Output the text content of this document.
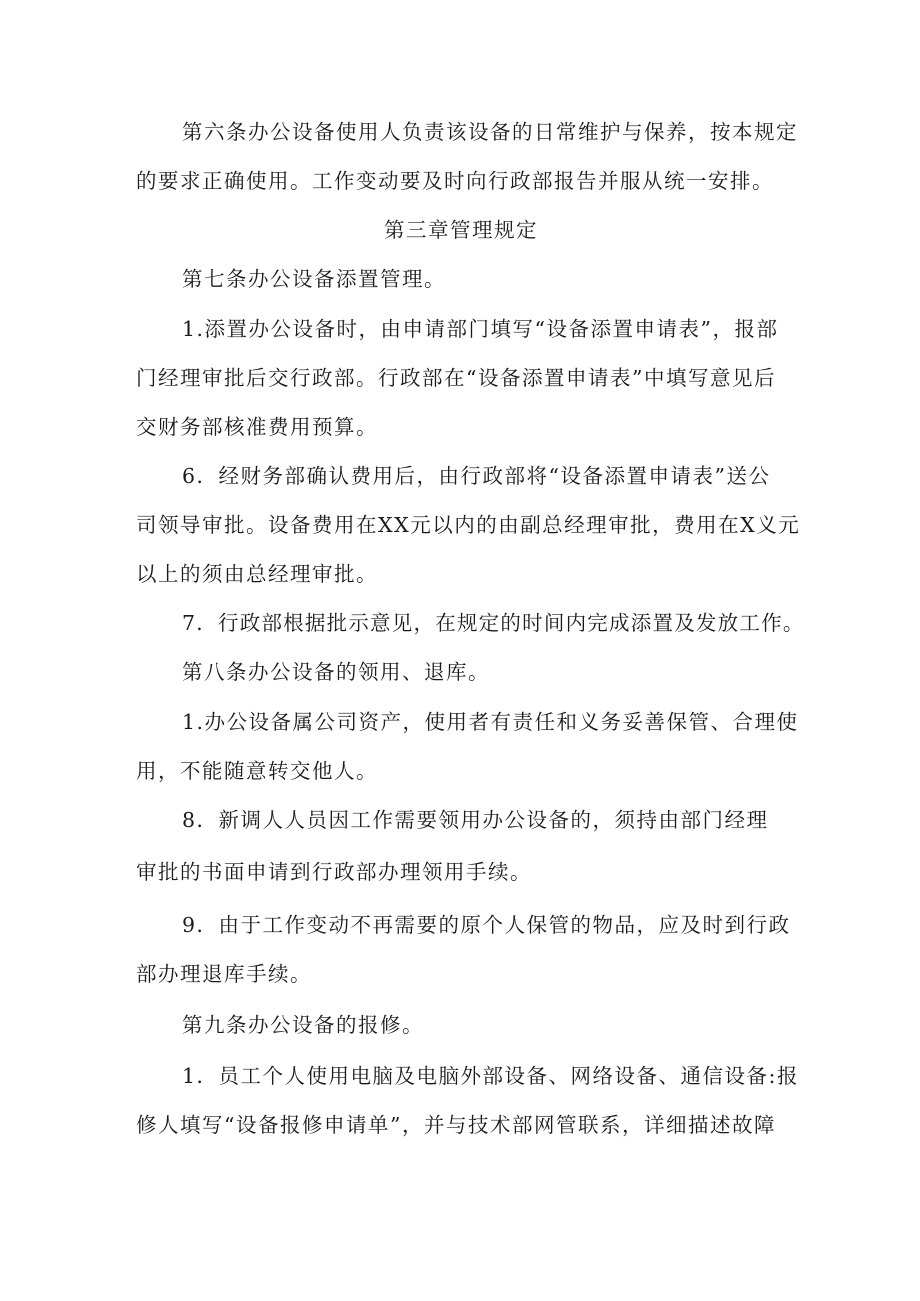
第六条办公设备使用人负责该设备的日常维护与保养，按本规定
的要求正确使用。工作变动要及时向行政部报告并服从统一安排。
第三章管理规定
第七条办公设备添置管理。
1.添置办公设备时，由申请部门填写“设备添置申请表”，报部
门经理审批后交行政部。行政部在“设备添置申请表”中填写意见后
交财务部核准费用预算。
6．经财务部确认费用后，由行政部将“设备添置申请表”送公
司领导审批。设备费用在XX元以内的由副总经理审批，费用在X义元
以上的须由总经理审批。
7．行政部根据批示意见，在规定的时间内完成添置及发放工作。
第八条办公设备的领用、退库。
1.办公设备属公司资产，使用者有责任和义务妥善保管、合理使
用，不能随意转交他人。
8．新调人人员因工作需要领用办公设备的，须持由部门经理
审批的书面申请到行政部办理领用手续。
9．由于工作变动不再需要的原个人保管的物品，应及时到行政
部办理退库手续。
第九条办公设备的报修。
1．员工个人使用电脑及电脑外部设备、网络设备、通信设备:报
修人填写“设备报修申请单”，并与技术部网管联系，详细描述故障
